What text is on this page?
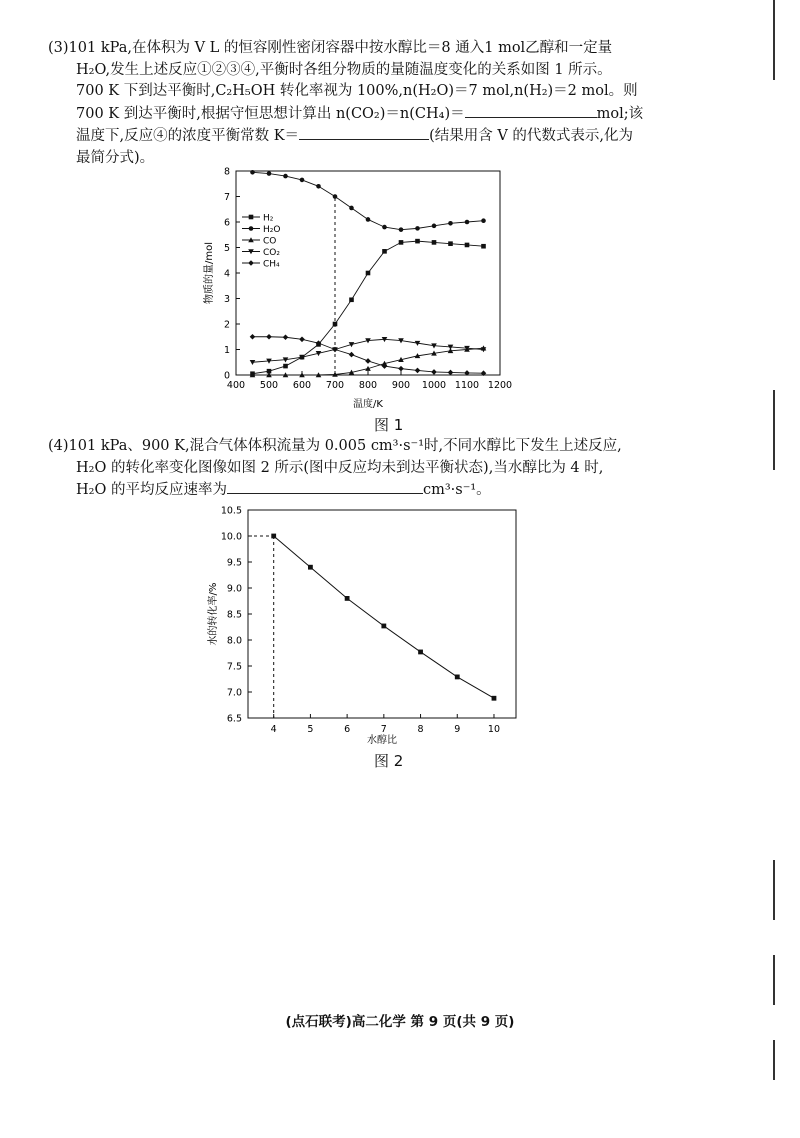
(3)101 kPa,在体积为 V L 的恒容刚性密闭容器中按水醇比＝8 通入1 mol乙醇和一定量

H₂O,发生上述反应①②③④,平衡时各组分物质的量随温度变化的关系如图 1 所示。

700 K 下到达平衡时,C₂H₅OH 转化率视为 100%,n(H₂O)＝7 mol,n(H₂)＝2 mol。则

700 K 到达平衡时,根据守恒思想计算出 n(CO₂)＝n(CH₄)＝	mol;该

温度下,反应④的浓度平衡常数 K＝	(结果用含 V 的代数式表示,化为

最简分式)。

400 500 600 700 800 900 1000 1100 1200
0
1
2
3
4
5
6
7
8
H₂
H₂O
CO
CO₂
CH₄
温度/K
物质的量/mol
图 1

(4)101 kPa、900 K,混合气体体积流量为 0.005 cm³·s⁻¹时,不同水醇比下发生上述反应,

H₂O 的转化率变化图像如图 2 所示(图中反应均未到达平衡状态),当水醇比为 4 时,

H₂O 的平均反应速率为	cm³·s⁻¹。

4	5	6	7	8	9	10
6.5
7.0
7.5
8.0
8.5
9.0
9.5
10.0
10.5
水醇比
水的转化率/%
图 2
(点石联考)高二化学 第 9 页(共 9 页)
